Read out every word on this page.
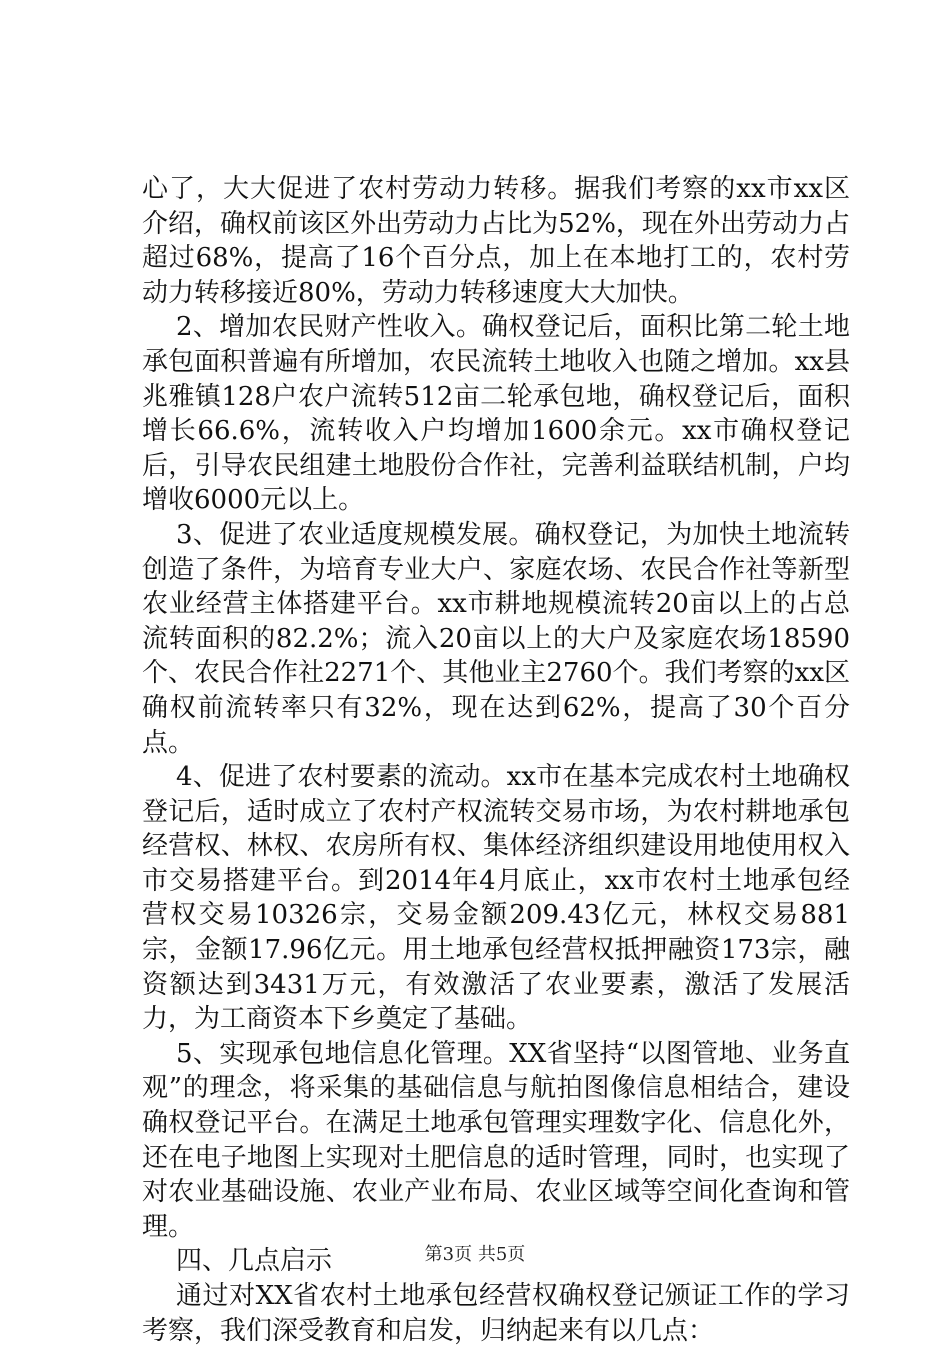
心了，大大促进了农村劳动力转移。据我们考察的xx市xx区介绍，确权前该区外出劳动力占比为52%，现在外出劳动力占超过68%，提高了16个百分点，加上在本地打工的，农村劳动力转移接近80%，劳动力转移速度大大加快。

2、增加农民财产性收入。确权登记后，面积比第二轮土地承包面积普遍有所增加，农民流转土地收入也随之增加。xx县兆雅镇128户农户流转512亩二轮承包地，确权登记后，面积增长66.6%，流转收入户均增加1600余元。xx市确权登记后，引导农民组建土地股份合作社，完善利益联结机制，户均增收6000元以上。

3、促进了农业适度规模发展。确权登记，为加快土地流转创造了条件，为培育专业大户、家庭农场、农民合作社等新型农业经营主体搭建平台。xx市耕地规模流转20亩以上的占总流转面积的82.2%；流入20亩以上的大户及家庭农场18590个、农民合作社2271个、其他业主2760个。我们考察的xx区确权前流转率只有32%，现在达到62%，提高了30个百分点。

4、促进了农村要素的流动。xx市在基本完成农村土地确权登记后，适时成立了农村产权流转交易市场，为农村耕地承包经营权、林权、农房所有权、集体经济组织建设用地使用权入市交易搭建平台。到2014年4月底止，xx市农村土地承包经营权交易10326宗，交易金额209.43亿元，林权交易881宗，金额17.96亿元。用土地承包经营权抵押融资173宗，融资额达到3431万元，有效激活了农业要素，激活了发展活力，为工商资本下乡奠定了基础。

5、实现承包地信息化管理。XX省坚持“以图管地、业务直观”的理念，将采集的基础信息与航拍图像信息相结合，建设确权登记平台。在满足土地承包管理实理数字化、信息化外，还在电子地图上实现对土肥信息的适时管理，同时，也实现了对农业基础设施、农业产业布局、农业区域等空间化查询和管理。

四、几点启示

通过对XX省农村土地承包经营权确权登记颁证工作的学习考察，我们深受教育和启发，归纳起来有以几点：

第3页 共5页
